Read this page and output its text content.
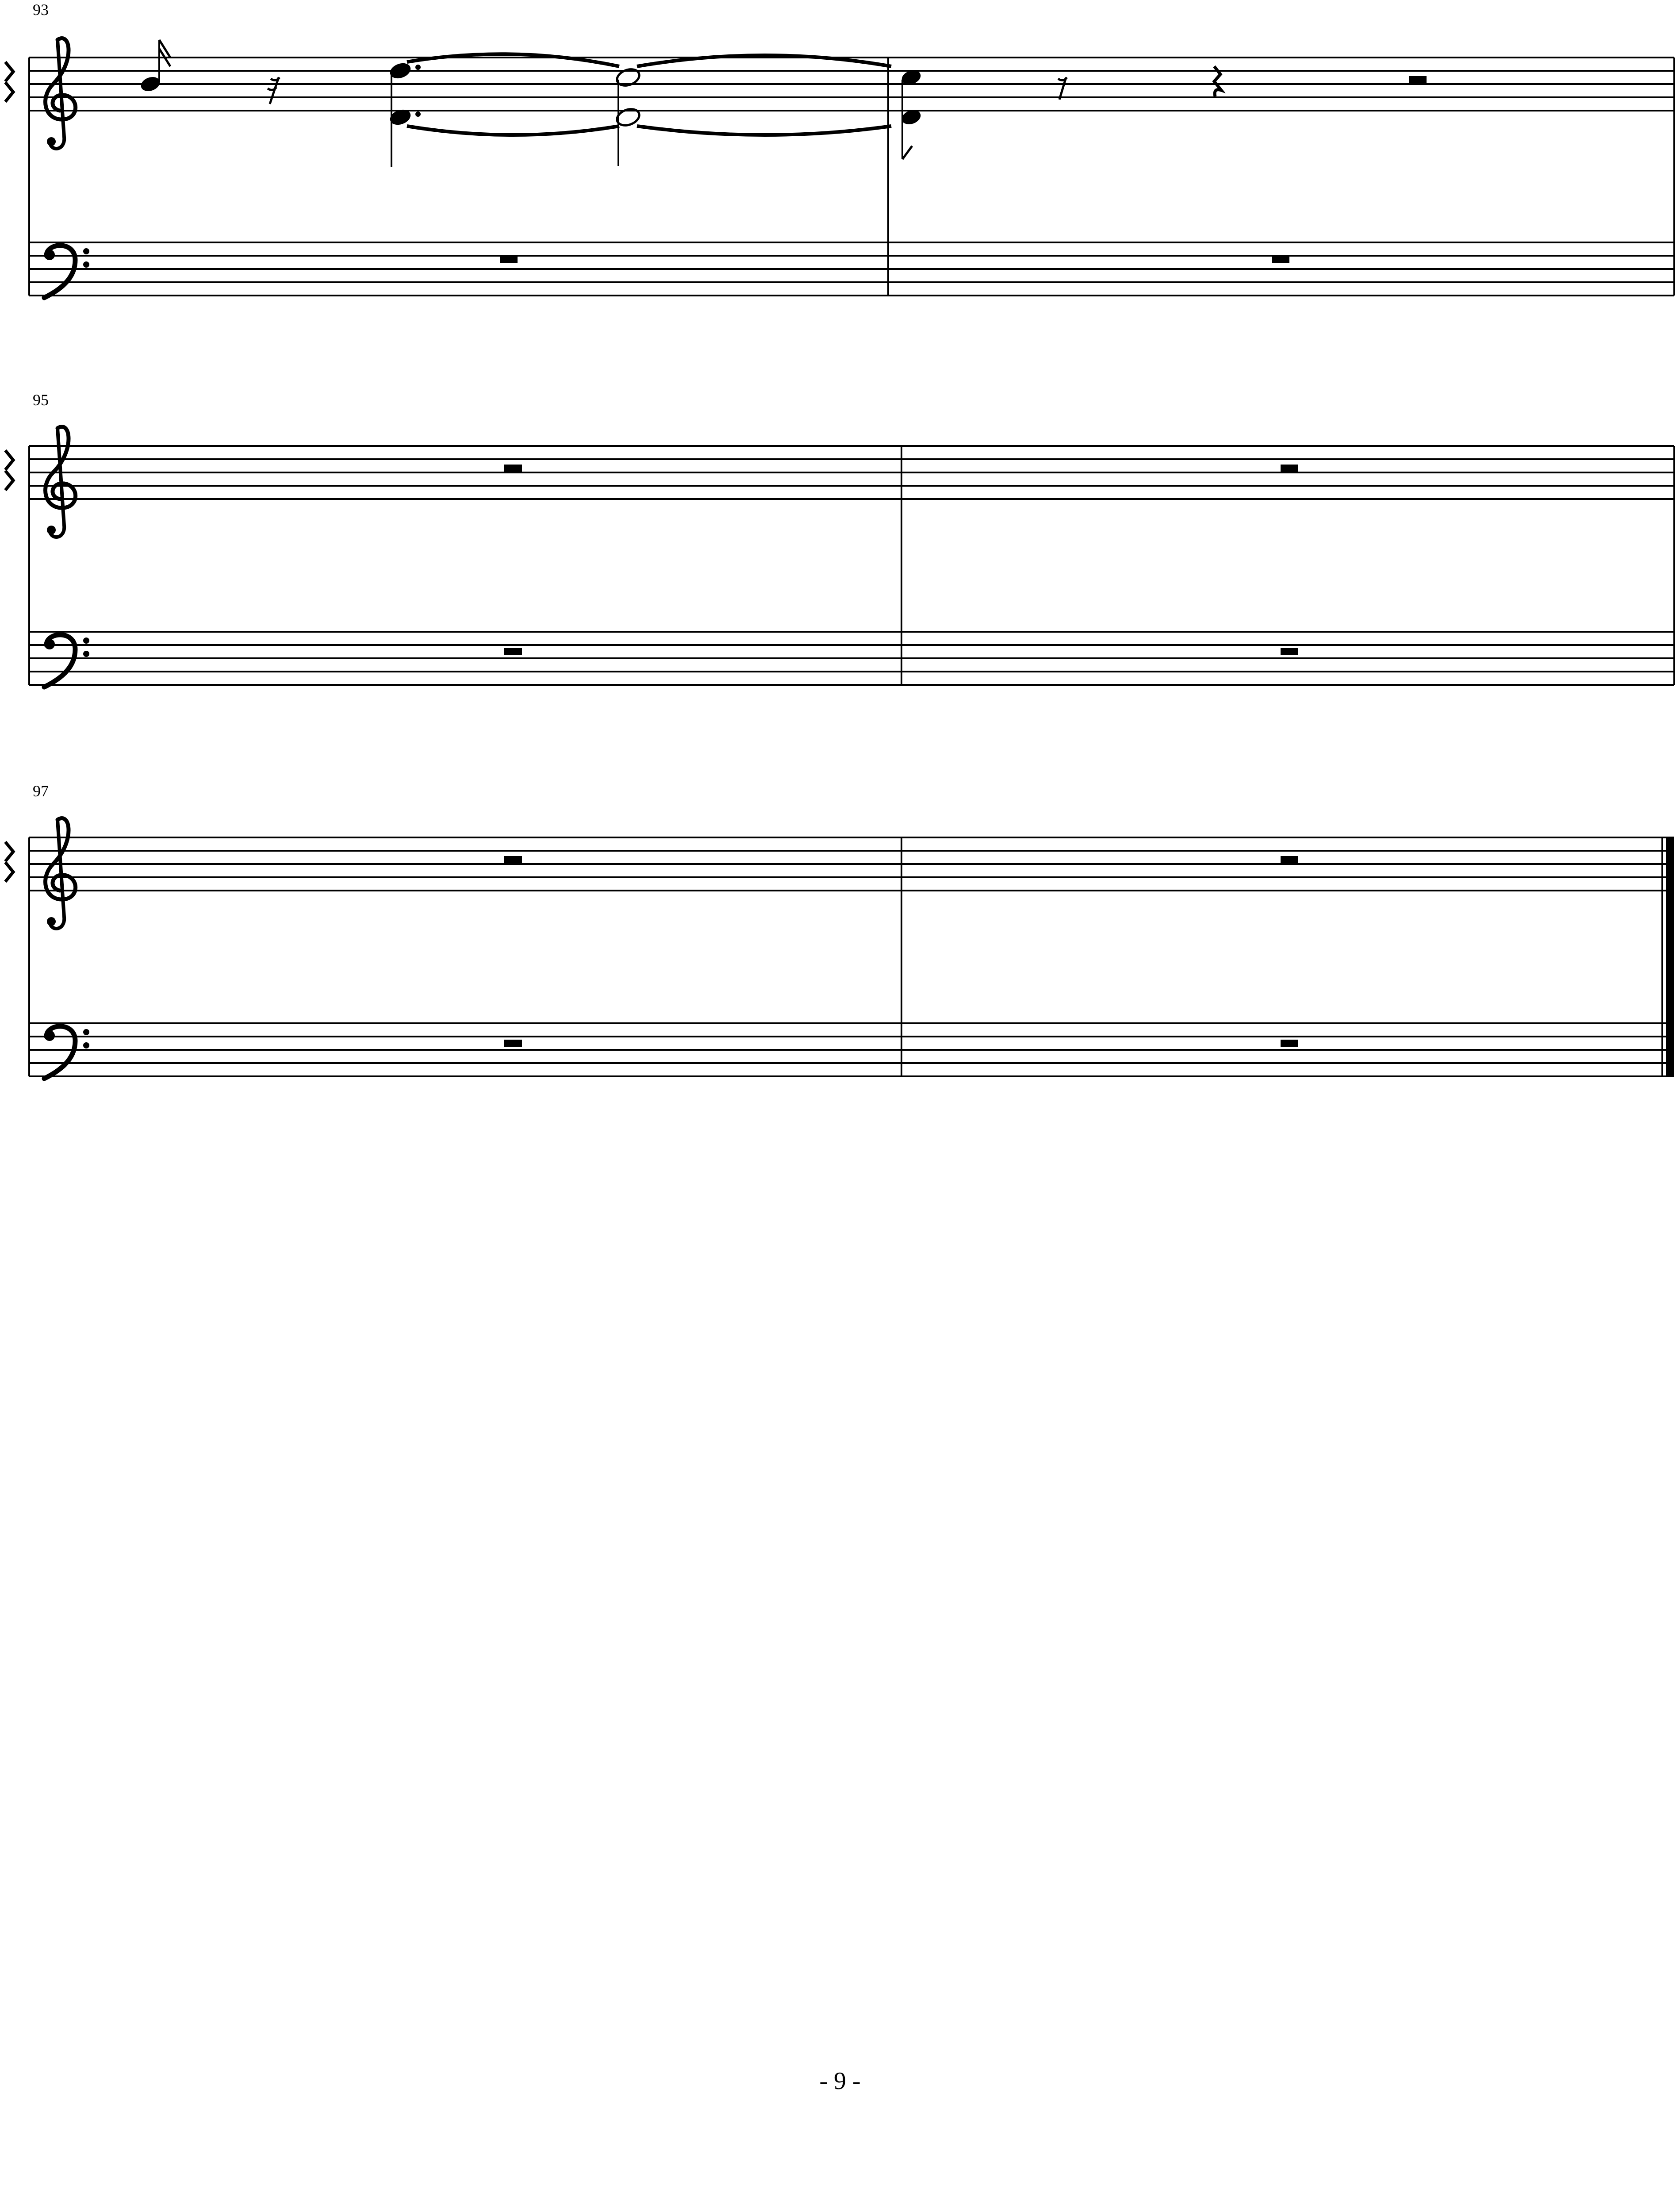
93
95
97
- 9 -
